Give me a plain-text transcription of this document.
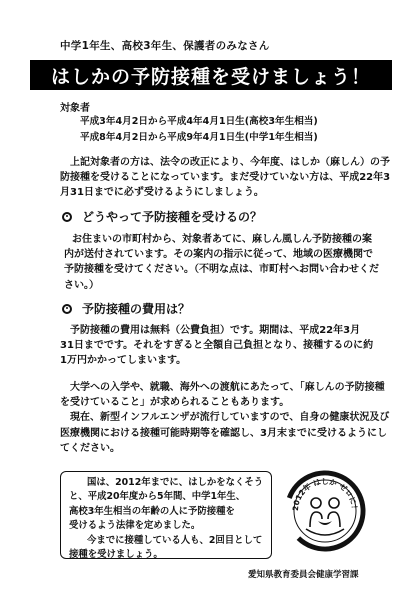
中学1年生、高校3年生、保護者のみなさん
はしかの予防接種を受けましょう！
対象者
平成3年4月2日から平成4年4月1日生(高校3年生相当)
平成8年4月2日から平成9年4月1日生(中学1年生相当)
上記対象者の方は、法令の改正により、今年度、はしか（麻しん）の予
防接種を受けることになっています。まだ受けていない方は、平成22年3
月31日までに必ず受けるようにしましょう。
どうやって予防接種を受けるの？
お住まいの市町村から、対象者あてに、麻しん風しん予防接種の案
内が送付されています。その案内の指示に従って、地域の医療機関で
予防接種を受けてください。（不明な点は、市町村へお問い合わせくだ
さい。）
予防接種の費用は？
予防接種の費用は無料（公費負担）です。期間は、平成22年3月
31日までです。それをすぎると全額自己負担となり、接種するのに約
1万円かかってしまいます。
大学への入学や、就職、海外への渡航にあたって、「麻しんの予防接種
を受けていること」が求められることもあります。
現在、新型インフルエンザが流行していますので、自身の健康状況及び
医療機関における接種可能時期等を確認し、3月末までに受けるようにし
てください。

国は、2012年までに、はしかをなくそう

と、平成20年度から5年間、中学1年生、

高校3年生相当の年齢の人に予防接種を

受けるよう法律を定めました。

今までに接種している人も、2回目として

接種を受けましょう。

2012年 はしか ゼロに！
愛知県教育委員会健康学習課
